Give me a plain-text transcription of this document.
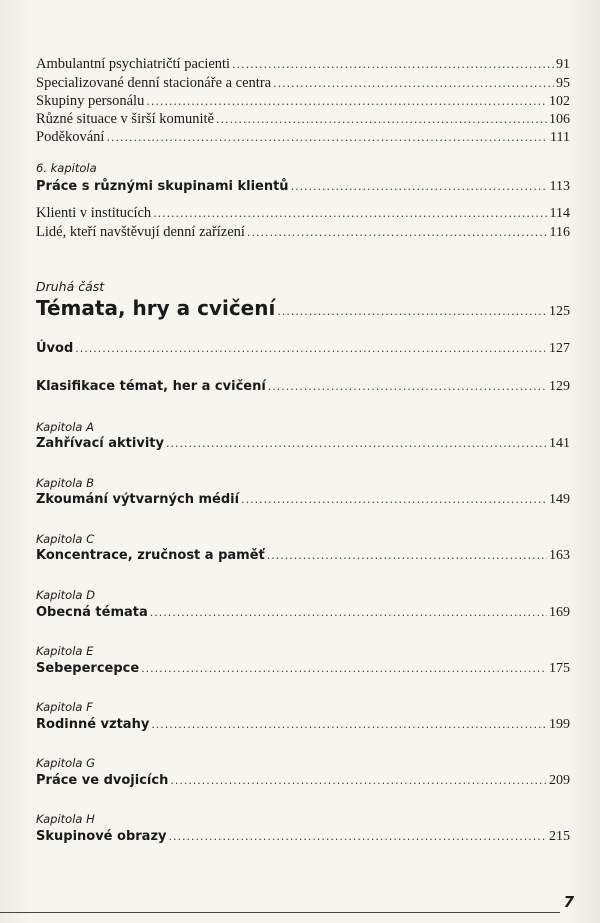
Ambulantní psychiatričtí pacienti .....	91
Specializované denní stacionáře a centra .....	95
Skupiny personálu .....	102
Různé situace v širší komunitě .....	106
Poděkování .....	111
6. kapitola
Práce s různými skupinami klientů .....	113
Klienti v institucích .....	114
Lidé, kteří navštěvují denní zařízení .....	116
Druhá část
Témata, hry a cvičení .....	125
Úvod .....	127
Klasifikace témat, her a cvičení .....	129
Kapitola A
Zahřívací aktivity .....	141
Kapitola B
Zkoumání výtvarných médií .....	149
Kapitola C
Koncentrace, zručnost a paměť .....	163
Kapitola D
Obecná témata .....	169
Kapitola E
Sebepercepce .....	175
Kapitola F
Rodinné vztahy .....	199
Kapitola G
Práce ve dvojicích .....	209
Kapitola H
Skupinové obrazy .....	215
7
